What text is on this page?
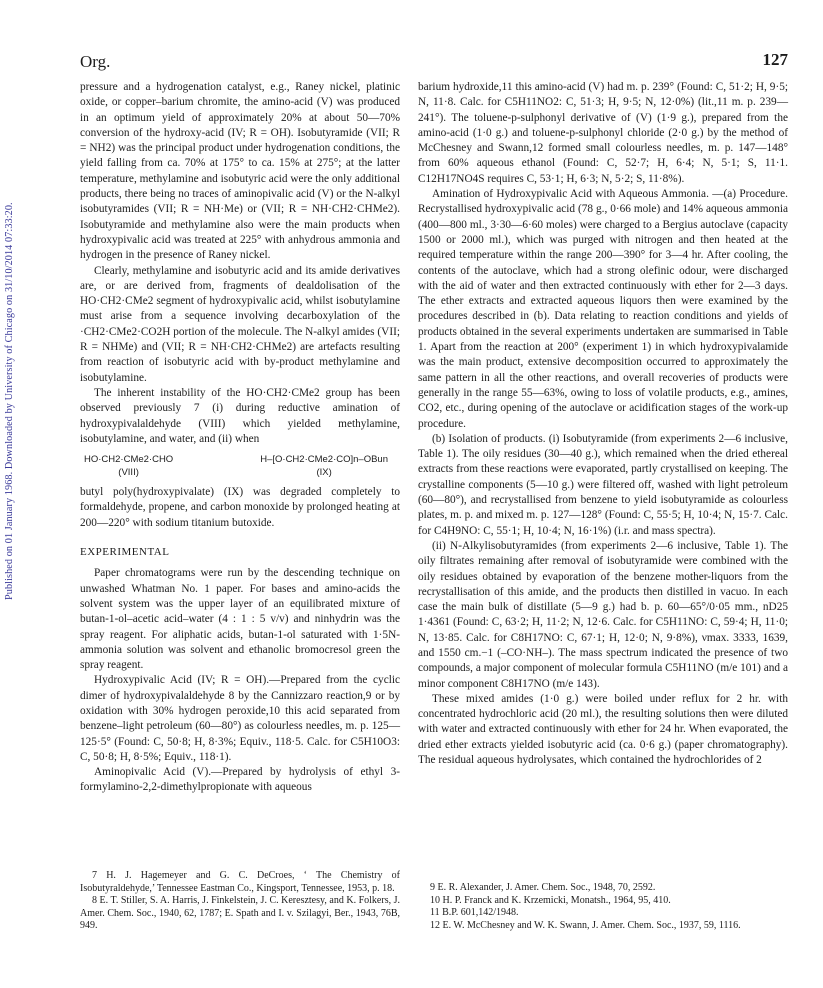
Published on 01 January 1968. Downloaded by University of Chicago on 31/10/2014 07:33:20.
Org.	127

pressure and a hydrogenation catalyst, e.g., Raney nickel, platinic oxide, or copper–barium chromite, the amino-acid (V) was produced in an optimum yield of approximately 20% at about 50—70% conversion of the hydroxy-acid (IV; R = OH). Isobutyramide (VII; R = NH2) was the principal product under hydrogenation conditions, the yield falling from ca. 70% at 175° to ca. 15% at 275°; at the latter temperature, methylamine and isobutyric acid were the only additional products, there being no traces of aminopivalic acid (V) or the N-alkyl isobutyramides (VII; R = NH·Me) or (VII; R = NH·CH2·CHMe2). Isobutyramide and methylamine also were the main products when hydroxypivalic acid was treated at 225° with anhydrous ammonia and hydrogen in the presence of Raney nickel.

Clearly, methylamine and isobutyric acid and its amide derivatives are, or are derived from, fragments of dealdolisation of the HO·CH2·CMe2 segment of hydroxypivalic acid, whilst isobutylamine must arise from a sequence involving decarboxylation of the ·CH2·CMe2·CO2H portion of the molecule. The N-alkyl amides (VII; R = NHMe) and (VII; R = NH·CH2·CHMe2) are artefacts resulting from reaction of isobutyric acid with by-product methylamine and isobutylamine.

The inherent instability of the HO·CH2·CMe2 group has been observed previously 7 (i) during reductive amination of hydroxypivalaldehyde (VIII) which yielded methylamine, isobutylamine, and water, and (ii) when

HO·CH2·CMe2·CHO
(VIII)
H–[O·CH2·CMe2·CO]n–OBun
(IX)

butyl poly(hydroxypivalate) (IX) was degraded completely to formaldehyde, propene, and carbon monoxide by prolonged heating at 200—220° with sodium titanium butoxide.

EXPERIMENTAL

Paper chromatograms were run by the descending technique on unwashed Whatman No. 1 paper. For bases and amino-acids the solvent system was the upper layer of an equilibrated mixture of butan-1-ol–acetic acid–water (4 : 1 : 5 v/v) and ninhydrin was the spray reagent. For aliphatic acids, butan-1-ol saturated with 1·5N-ammonia solution was solvent and ethanolic bromocresol green the spray reagent.

Hydroxypivalic Acid (IV; R = OH).—Prepared from the cyclic dimer of hydroxypivalaldehyde 8 by the Cannizzaro reaction,9 or by oxidation with 30% hydrogen peroxide,10 this acid separated from benzene–light petroleum (60—80°) as colourless needles, m. p. 125—125·5° (Found: C, 50·8; H, 8·3%; Equiv., 118·5. Calc. for C5H10O3: C, 50·8; H, 8·5%; Equiv., 118·1).

Aminopivalic Acid (V).—Prepared by hydrolysis of ethyl 3-formylamino-2,2-dimethylpropionate with aqueous

barium hydroxide,11 this amino-acid (V) had m. p. 239° (Found: C, 51·2; H, 9·5; N, 11·8. Calc. for C5H11NO2: C, 51·3; H, 9·5; N, 12·0%) (lit.,11 m. p. 239—241°). The toluene-p-sulphonyl derivative of (V) (1·9 g.), prepared from the amino-acid (1·0 g.) and toluene-p-sulphonyl chloride (2·0 g.) by the method of McChesney and Swann,12 formed small colourless needles, m. p. 147—148° from 60% aqueous ethanol (Found: C, 52·7; H, 6·4; N, 5·1; S, 11·1. C12H17NO4S requires C, 53·1; H, 6·3; N, 5·2; S, 11·8%).

Amination of Hydroxypivalic Acid with Aqueous Ammonia. —(a) Procedure. Recrystallised hydroxypivalic acid (78 g., 0·66 mole) and 14% aqueous ammonia (400—800 ml., 3·30—6·60 moles) were charged to a Bergius autoclave (capacity 1500 or 2000 ml.), which was purged with nitrogen and then heated at the required temperature within the range 200—390° for 3—4 hr. After cooling, the contents of the autoclave, which had a strong olefinic odour, were discharged with the aid of water and then extracted continuously with ether for 2—3 days. The ether extracts and extracted aqueous liquors then were examined by the procedures described in (b). Data relating to reaction conditions and yields of products obtained in the several experiments undertaken are summarised in Table 1. Apart from the reaction at 200° (experiment 1) in which hydroxypivalamide was the main product, extensive decomposition occurred to approximately the same pattern in all the other reactions, and overall recoveries of products were generally in the range 55—63%, owing to loss of volatile products, e.g., amines, CO2, etc., during opening of the autoclave or acidification stages of the work-up procedure.

(b) Isolation of products. (i) Isobutyramide (from experiments 2—6 inclusive, Table 1). The oily residues (30—40 g.), which remained when the dried ethereal extracts from these reactions were evaporated, partly crystallised on keeping. The crystalline components (5—10 g.) were filtered off, washed with light petroleum (60—80°), and recrystallised from benzene to yield isobutyramide as colourless plates, m. p. and mixed m. p. 127—128° (Found: C, 55·5; H, 10·4; N, 15·7. Calc. for C4H9NO: C, 55·1; H, 10·4; N, 16·1%) (i.r. and mass spectra).

(ii) N-Alkylisobutyramides (from experiments 2—6 inclusive, Table 1). The oily filtrates remaining after removal of isobutyramide were combined with the oily residues obtained by evaporation of the benzene mother-liquors from the recrystallisation of this amide, and the products then distilled in vacuo. In each case the main bulk of distillate (5—9 g.) had b. p. 60—65°/0·05 mm., nD25 1·4361 (Found: C, 63·2; H, 11·2; N, 12·6. Calc. for C5H11NO: C, 59·4; H, 11·0; N, 13·85. Calc. for C8H17NO: C, 67·1; H, 12·0; N, 9·8%), νmax. 3333, 1639, and 1550 cm.−1 (–CO·NH–). The mass spectrum indicated the presence of two compounds, a major component of molecular formula C5H11NO (m/e 101) and a minor component C8H17NO (m/e 143).

These mixed amides (1·0 g.) were boiled under reflux for 2 hr. with concentrated hydrochloric acid (20 ml.), the resulting solutions then were diluted with water and extracted continuously with ether for 24 hr. When evaporated, the dried ether extracts yielded isobutyric acid (ca. 0·6 g.) (paper chromatography). The residual aqueous hydrolysates, which contained the hydrochlorides of 2

7 H. J. Hagemeyer and G. C. DeCroes, ‘ The Chemistry of Isobutyraldehyde,’ Tennessee Eastman Co., Kingsport, Tennessee, 1953, p. 18.

8 E. T. Stiller, S. A. Harris, J. Finkelstein, J. C. Keresztesy, and K. Folkers, J. Amer. Chem. Soc., 1940, 62, 1787; E. Spath and I. v. Szilagyi, Ber., 1943, 76B, 949.

9 E. R. Alexander, J. Amer. Chem. Soc., 1948, 70, 2592.

10 H. P. Franck and K. Krzemicki, Monatsh., 1964, 95, 410.

11 B.P. 601,142/1948.

12 E. W. McChesney and W. K. Swann, J. Amer. Chem. Soc., 1937, 59, 1116.
